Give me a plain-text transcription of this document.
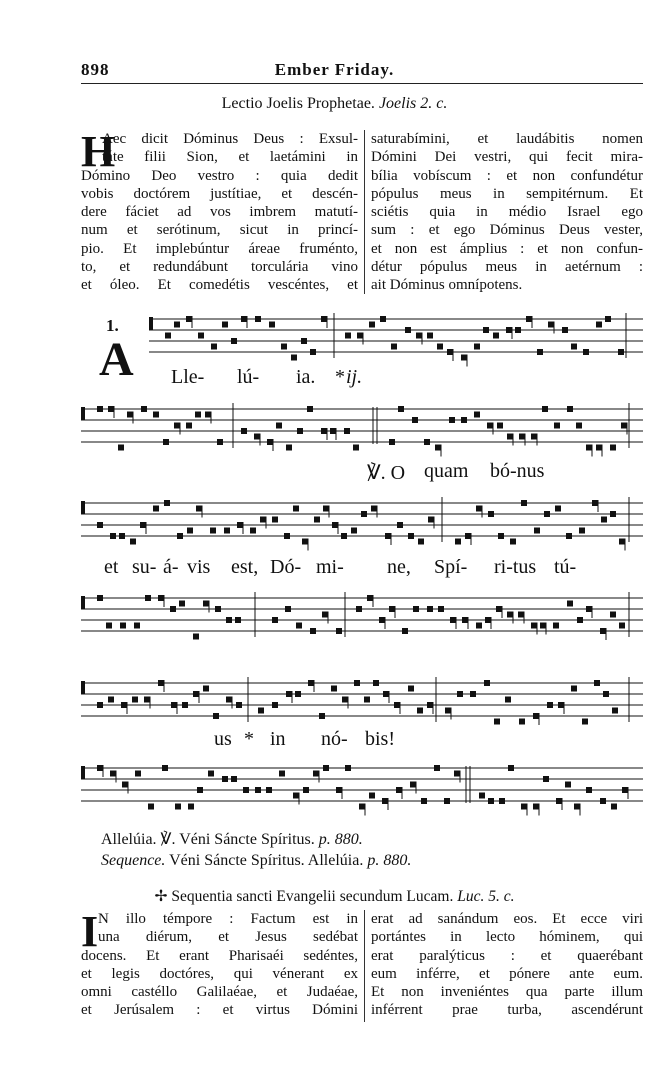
898	Ember Friday.
Lectio Joelis Prophetae. Joelis 2. c.
H
Aec dicit Dóminus Deus : Exsul-
táte filii Sion, et laetámini in
Dómino Deo vestro : quia dedit
vobis doctórem justítiae, et descén-
dere fáciet ad vos imbrem matutí-
num et serótinum, sicut in princí-
pio. Et implebúntur áreae fruménto,
to, et redundábunt torculária vino
et óleo. Et comedétis vescéntes, et
saturabímini, et laudábitis nomen
Dómini Dei vestri, qui fecit mira-
bília vobíscum : et non confundétur
pópulus meus in sempitérnum. Et
sciétis quia in médio Israel ego
sum : et ego Dóminus Deus vester,
et non est ámplius : et non confun-
détur pópulus meus in aetérnum :
ait Dóminus omnípotens.
1.
A Lle- lú- ia. * ij.
℣. O quam bó-nus
et su- á- vis est, Dó- mi- ne, Spí- ri-tus tú-
us * in nó- bis!
Allelúia. ℣. Véni Sáncte Spíritus. p. 880.
Sequence. Véni Sáncte Spíritus. Allelúia. p. 880.
✢ Sequentia sancti Evangelii secundum Lucam. Luc. 5. c.
I N illo témpore : Factum est in
una diérum, et Jesus sedébat
docens. Et erant Pharisaéi sedéntes,
et legis doctóres, qui vénerant ex
omni castéllo Galilaéae, et Judaéae,
et Jerúsalem : et virtus Dómini
erat ad sanándum eos. Et ecce viri
portántes in lecto hóminem, qui
erat paralýticus : et quaerébant
eum inférre, et pónere ante eum.
Et non inveniéntes qua parte illum
inférrent prae turba, ascendérunt
